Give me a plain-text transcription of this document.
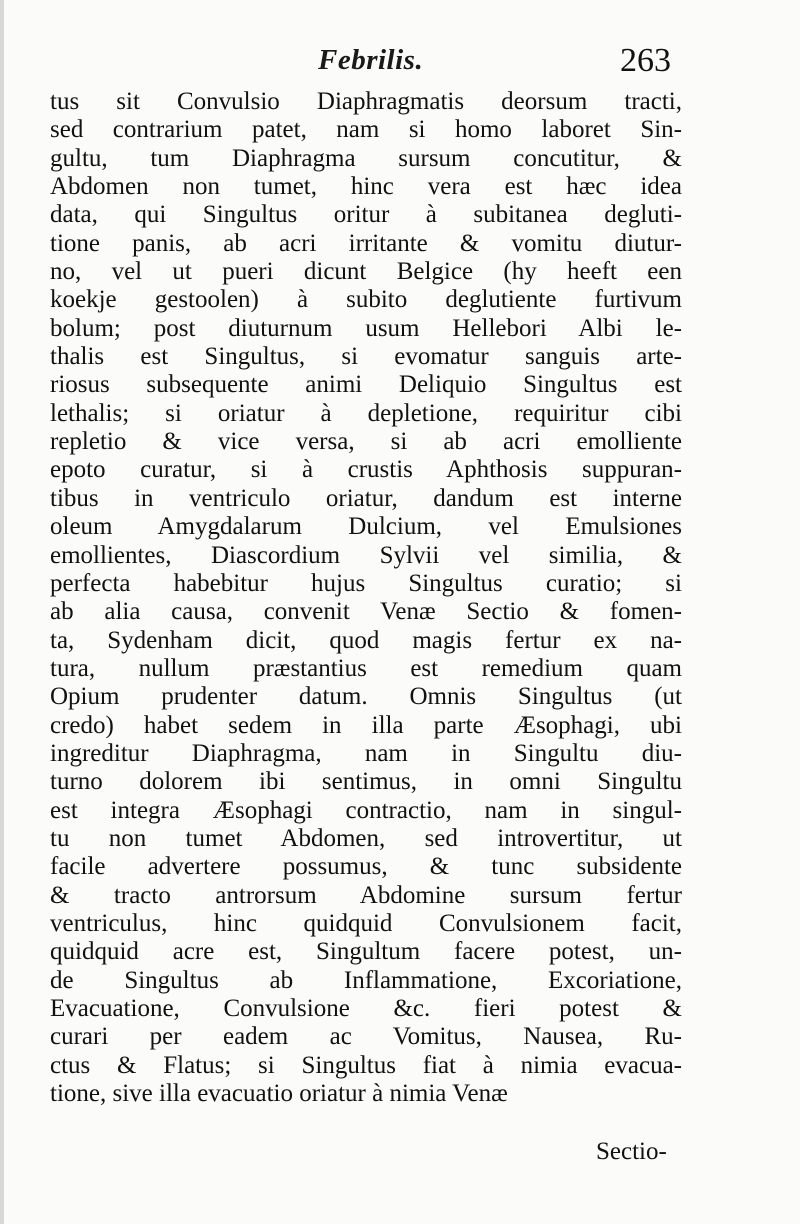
Febrilis.	263
tus sit Convulsio Diaphragmatis deorsum tracti,
sed contrarium patet, nam si homo laboret Sin-
gultu, tum Diaphragma sursum concutitur, &
Abdomen non tumet, hinc vera est hæc idea
data, qui Singultus oritur à subitanea degluti-
tione panis, ab acri irritante & vomitu diutur-
no, vel ut pueri dicunt Belgice (hy heeft een
koekje gestoolen) à subito deglutiente furtivum
bolum; post diuturnum usum Hellebori Albi le-
thalis est Singultus, si evomatur sanguis arte-
riosus subsequente animi Deliquio Singultus est
lethalis; si oriatur à depletione, requiritur cibi
repletio & vice versa, si ab acri emolliente
epoto curatur, si à crustis Aphthosis suppuran-
tibus in ventriculo oriatur, dandum est interne
oleum Amygdalarum Dulcium, vel Emulsiones
emollientes, Diascordium Sylvii vel similia, &
perfecta habebitur hujus Singultus curatio; si
ab alia causa, convenit Venæ Sectio & fomen-
ta, Sydenham dicit, quod magis fertur ex na-
tura, nullum præstantius est remedium quam
Opium prudenter datum. Omnis Singultus (ut
credo) habet sedem in illa parte Æsophagi, ubi
ingreditur Diaphragma, nam in Singultu diu-
turno dolorem ibi sentimus, in omni Singultu
est integra Æsophagi contractio, nam in singul-
tu non tumet Abdomen, sed introvertitur, ut
facile advertere possumus, & tunc subsidente
& tracto antrorsum Abdomine sursum fertur
ventriculus, hinc quidquid Convulsionem facit,
quidquid acre est, Singultum facere potest, un-
de Singultus ab Inflammatione, Excoriatione,
Evacuatione, Convulsione &c. fieri potest &
curari per eadem ac Vomitus, Nausea, Ru-
ctus & Flatus; si Singultus fiat à nimia evacua-
tione, sive illa evacuatio oriatur à nimia Venæ
Sectio-
